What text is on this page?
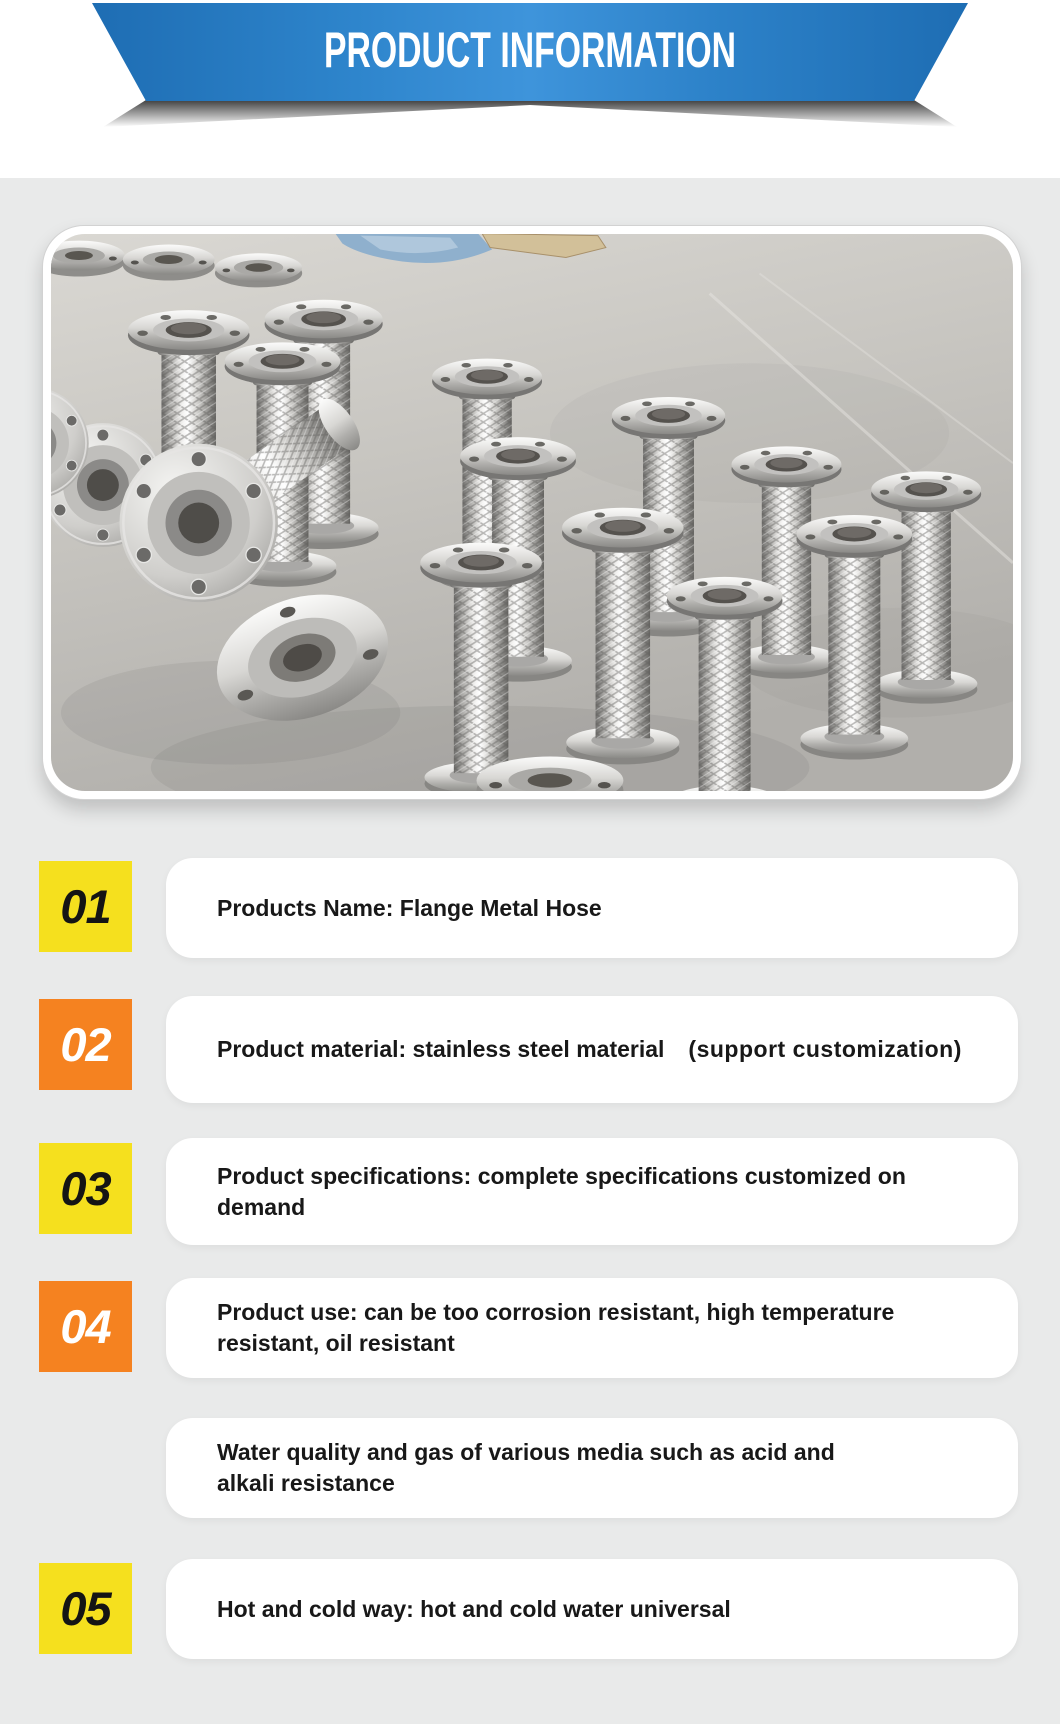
PRODUCT INFORMATION
01	Products Name: Flange Metal Hose
02	Product material: stainless steel material (support customization)
03	Product specifications: complete specifications customized on demand
04	Product use: can be too corrosion resistant, high temperature
resistant, oil resistant
Water quality and gas of various media such as acid and
alkali resistance
05	Hot and cold way: hot and cold water universal
